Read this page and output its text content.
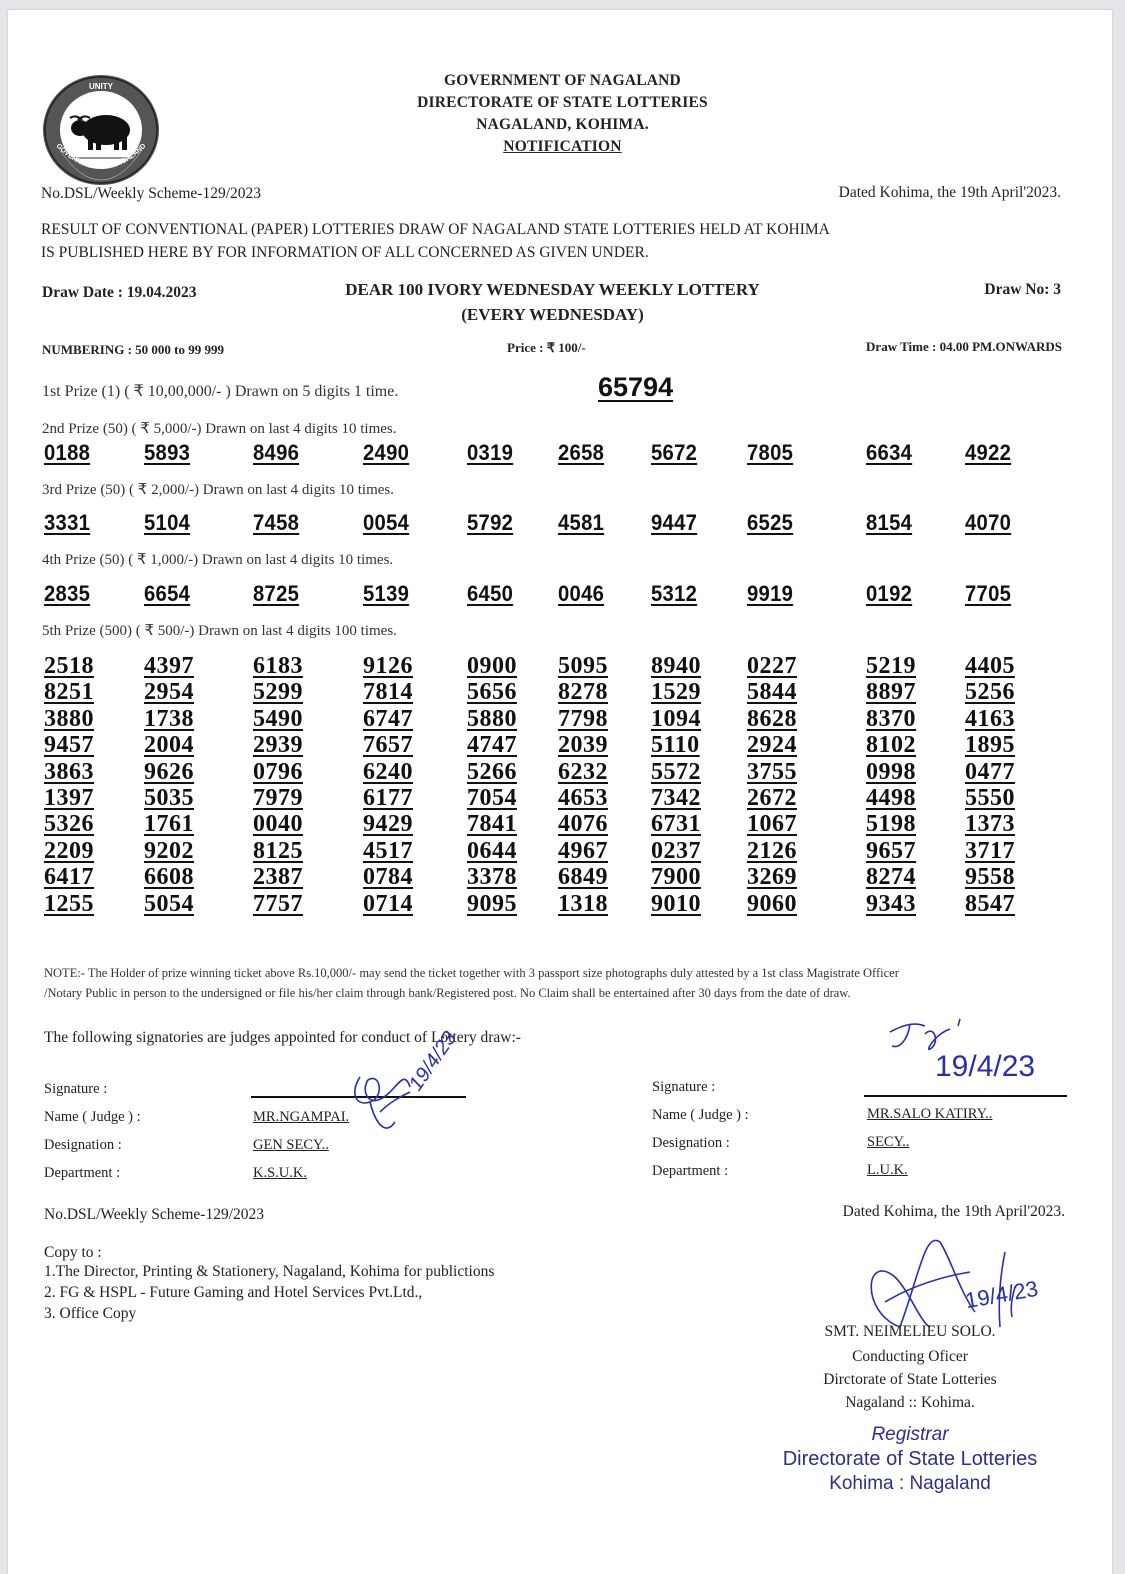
UNITY
GOVERNMENT OF NAGALAND
GOVERNMENT OF NAGALAND
DIRECTORATE OF STATE LOTTERIES
NAGALAND, KOHIMA.
NOTIFICATION
No.DSL/Weekly Scheme-129/2023	Dated Kohima, the 19th April'2023.
RESULT OF CONVENTIONAL (PAPER) LOTTERIES DRAW OF NAGALAND STATE LOTTERIES HELD AT KOHIMA
IS PUBLISHED HERE BY FOR INFORMATION OF ALL CONCERNED AS GIVEN UNDER.
Draw Date : 19.04.2023	DEAR 100 IVORY WEDNESDAY WEEKLY LOTTERY
(EVERY WEDNESDAY)
Draw No: 3
NUMBERING : 50 000 to 99 999	Price : ₹ 100/-	Draw Time : 04.00 PM.ONWARDS
1st Prize (1) ( ₹ 10,00,000/- ) Drawn on 5 digits 1 time.	65794
2nd Prize (50) ( ₹ 5,000/-) Drawn on last 4 digits 10 times.
0188 5893	8496	2490	0319 2658 5672 7805	6634 4922
3rd Prize (50) ( ₹ 2,000/-) Drawn on last 4 digits 10 times.
3331 5104	7458	0054	5792 4581 9447 6525	8154 4070
4th Prize (50) ( ₹ 1,000/-) Drawn on last 4 digits 10 times.
2835 6654	8725	5139	6450 0046 5312 9919	0192 7705
5th Prize (500) ( ₹ 500/-) Drawn on last 4 digits 100 times.
2518 4397 6183	9126 0900 5095 8940 0227	5219 4405
8251 2954 5299	7814 5656 8278 1529 5844	8897 5256
3880 1738 5490	6747 5880 7798 1094 8628	8370 4163
9457 2004 2939	7657 4747 2039 5110 2924	8102 1895
3863 9626 0796	6240 5266 6232 5572 3755	0998 0477
1397 5035 7979	6177 7054 4653 7342 2672	4498 5550
5326 1761 0040	9429 7841 4076 6731 1067	5198 1373
2209 9202 8125	4517 0644 4967 0237 2126	9657 3717
6417 6608 2387	0784 3378 6849 7900 3269	8274 9558
1255 5054 7757	0714 9095 1318 9010 9060	9343 8547
NOTE:- The Holder of prize winning ticket above Rs.10,000/- may send the ticket together with 3 passport size photographs duly attested by a 1st class Magistrate Officer
/Notary Public in person to the undersigned or file his/her claim through bank/Registered post. No Claim shall be entertained after 30 days from the date of draw.
The following signatories are judges appointed for conduct of Lottery draw:-
Signature :
Name ( Judge ) :	MR.NGAMPAI.
Designation :	GEN SECY..
Department :	K.S.U.K.
19/4/23	Signature :
Name ( Judge ) :	MR.SALO KATIRY..
Designation :	SECY..
Department :	L.U.K.
19/4/23
No.DSL/Weekly Scheme-129/2023	Dated Kohima, the 19th April'2023.
Copy to :
1.The Director, Printing & Stationery, Nagaland, Kohima for publictions
2. FG & HSPL - Future Gaming and Hotel Services Pvt.Ltd.,
3. Office Copy
19/4/23
SMT. NEIMELIEU SOLO.
Conducting Oficer
Dirctorate of State Lotteries
Nagaland :: Kohima.
Registrar
Directorate of State Lotteries
Kohima : Nagaland
